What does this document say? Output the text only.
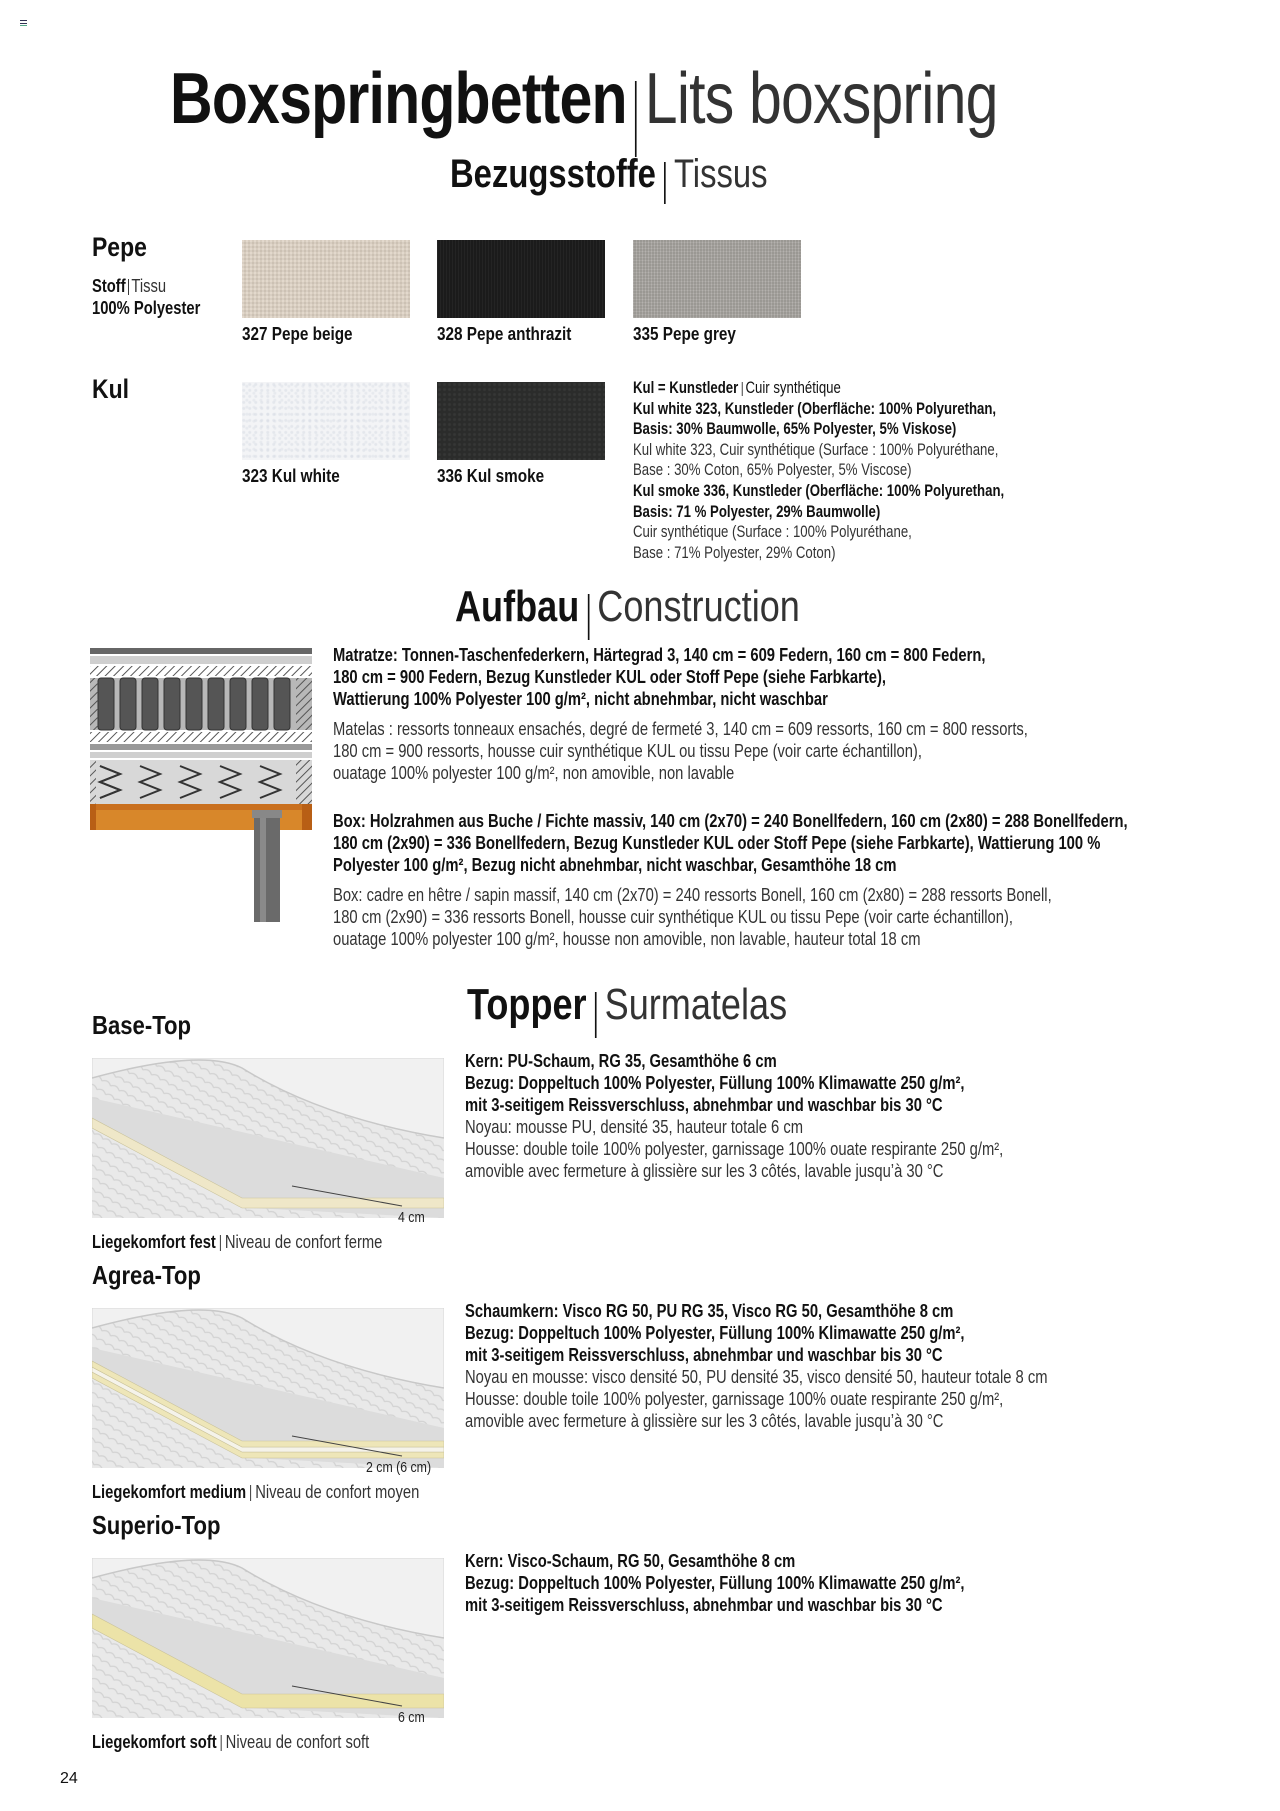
Boxspringbetten Lits boxspring
Bezugsstoffe Tissus
Pepe
Stoff Tissu
100% Polyester
327 Pepe beige	328 Pepe anthrazit	335 Pepe grey
Kul
323 Kul white	336 Kul smoke
Kul = Kunstleder Cuir synthétique
Kul white 323, Kunstleder (Oberfläche: 100% Polyurethan,
Basis: 30% Baumwolle, 65% Polyester, 5% Viskose)
Kul white 323, Cuir synthétique (Surface : 100% Polyuréthane,
Base : 30% Coton, 65% Polyester, 5% Viscose)
Kul smoke 336, Kunstleder (Oberfläche: 100% Polyurethan,
Basis: 71 % Polyester, 29% Baumwolle)
Cuir synthétique (Surface : 100% Polyuréthane,
Base : 71% Polyester, 29% Coton)
Aufbau Construction
Matratze: Tonnen-Taschenfederkern, Härtegrad 3, 140 cm = 609 Federn, 160 cm = 800 Federn,
180 cm = 900 Federn, Bezug Kunstleder KUL oder Stoff Pepe (siehe Farbkarte),
Wattierung 100% Polyester 100 g/m², nicht abnehmbar, nicht waschbar
Matelas : ressorts tonneaux ensachés, degré de fermeté 3, 140 cm = 609 ressorts, 160 cm = 800 ressorts,
180 cm = 900 ressorts, housse cuir synthétique KUL ou tissu Pepe (voir carte échantillon),
ouatage 100% polyester 100 g/m², non amovible, non lavable
Box: Holzrahmen aus Buche / Fichte massiv, 140 cm (2x70) = 240 Bonellfedern, 160 cm (2x80) = 288 Bonellfedern,
180 cm (2x90) = 336 Bonellfedern, Bezug Kunstleder KUL oder Stoff Pepe (siehe Farbkarte), Wattierung 100 %
Polyester 100 g/m², Bezug nicht abnehmbar, nicht waschbar, Gesamthöhe 18 cm
Box: cadre en hêtre / sapin massif, 140 cm (2x70) = 240 ressorts Bonell, 160 cm (2x80) = 288 ressorts Bonell,
180 cm (2x90) = 336 ressorts Bonell, housse cuir synthétique KUL ou tissu Pepe (voir carte échantillon),
ouatage 100% polyester 100 g/m², housse non amovible, non lavable, hauteur total 18 cm
Topper Surmatelas
Base-Top
4 cm
Liegekomfort fest Niveau de confort ferme
Kern: PU-Schaum, RG 35, Gesamthöhe 6 cm
Bezug: Doppeltuch 100% Polyester, Füllung 100% Klimawatte 250 g/m²,
mit 3-seitigem Reissverschluss, abnehmbar und waschbar bis 30 °C
Noyau: mousse PU, densité 35, hauteur totale 6 cm
Housse: double toile 100% polyester, garnissage 100% ouate respirante 250 g/m²,
amovible avec fermeture à glissière sur les 3 côtés, lavable jusqu’à 30 °C
Agrea-Top
2 cm (6 cm)
Liegekomfort medium Niveau de confort moyen
Schaumkern: Visco RG 50, PU RG 35, Visco RG 50, Gesamthöhe 8 cm
Bezug: Doppeltuch 100% Polyester, Füllung 100% Klimawatte 250 g/m²,
mit 3-seitigem Reissverschluss, abnehmbar und waschbar bis 30 °C
Noyau en mousse: visco densité 50, PU densité 35, visco densité 50, hauteur totale 8 cm
Housse: double toile 100% polyester, garnissage 100% ouate respirante 250 g/m²,
amovible avec fermeture à glissière sur les 3 côtés, lavable jusqu’à 30 °C
Superio-Top
6 cm
Liegekomfort soft Niveau de confort soft
Kern: Visco-Schaum, RG 50, Gesamthöhe 8 cm
Bezug: Doppeltuch 100% Polyester, Füllung 100% Klimawatte 250 g/m²,
mit 3-seitigem Reissverschluss, abnehmbar und waschbar bis 30 °C
24
